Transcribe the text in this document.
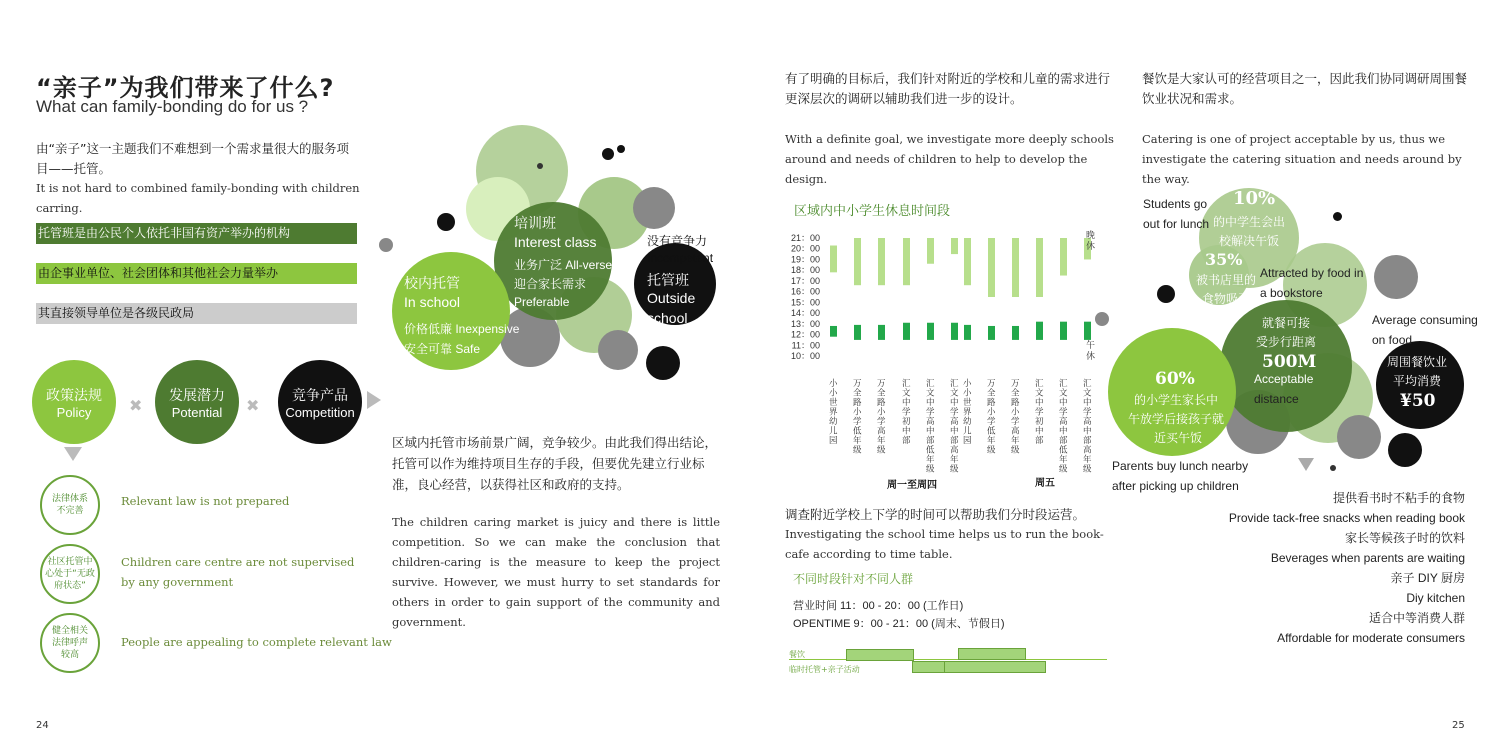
“亲子”为我们带来了什么?
What can family-bonding do for us ?
由“亲子”这一主题我们不难想到一个需求量很大的服务项目——托管。
It is not hard to combined family-bonding with children carring.
托管班是由公民个人依托非国有资产举办的机构
由企事业单位、社会团体和其他社会力量举办
其直接领导单位是各级民政局
政策法规
Policy	✖
发展潜力
Potential	✖
竞争产品
Competition
法律体系不完善
Relevant law is not prepared
社区托管中心处于“无政府状态”
Children care centre are not supervised by any government
健全相关法律呼声较高
People are appealing to complete relevant law
24
校内托管
In school
价格低廉 Inexpensive
安全可靠 Safe
培训班
Interest class
业务广泛 All-versed
迎合家长需求
Preferable
没有竞争力
Incompetent
托管班
Outside
school
区域内托管市场前景广阔，竞争较少。由此我们得出结论，托管可以作为维持项目生存的手段，但要优先建立行业标准，良心经营，以获得社区和政府的支持。
The children caring market is juicy and there is little competition. So we can make the conclusion that children-caring is the measure to keep the project survive. However, we must hurry to set standards for others in order to gain support of the community and government.
有了明确的目标后，我们针对附近的学校和儿童的需求进行更深层次的调研以辅助我们进一步的设计。
With a definite goal, we investigate more deeply schools around and needs of children to help to develop the design.
餐饮是大家认可的经营项目之一，因此我们协同调研周围餐饮业状况和需求。
Catering is one of project acceptable by us, thus we investigate the catering situation and needs around by the way.
区域内中小学生休息时间段
21：00
20：00
19：00
18：00
17：00
16：00
15：00
14：00
13：00
12：00
11：00
10：00
晚
休
午
休
小
小
世
界
幼
儿
园
万
全
路
小
学
低
年
级
万
全
路
小
学
高
年
级
汇
文
中
学
初
中
部
汇
文
中
学
高
中
部
低
年
级
汇
文
中
学
高
中
部
高
年
级
小
小
世
界
幼
儿
园
万
全
路
小
学
低
年
级
万
全
路
小
学
高
年
级
汇
文
中
学
初
中
部
汇
文
中
学
高
中
部
低
年
级
汇
文
中
学
高
中
部
高
年
级
周一至周四	周五
调查附近学校上下学的时间可以帮助我们分时段运营。
Investigating the school time helps us to run the book-cafe according to time table.
不同时段针对不同人群
营业时间 11：00 - 20：00 (工作日)
OPENTIME 9：00 - 21：00 (周末、节假日)
餐饮
临时托管+亲子活动
Students go
out for lunch
10%
的中学生会出
校解决午饭
35%
被书店里的
食物吸引
Attracted by food in
a bookstore
就餐可接
受步行距离
500M
Acceptable
distance
Average consuming
on food
周围餐饮业
平均消费
¥50
60%
的小学生家长中
午放学后接孩子就
近买午饭
Parents buy lunch nearby
after picking up children
提供看书时不粘手的食物
Provide tack-free snacks when reading book
家长等候孩子时的饮料
Beverages when parents are waiting
亲子 DIY 厨房
Diy kitchen
适合中等消费人群
Affordable for moderate consumers
25
